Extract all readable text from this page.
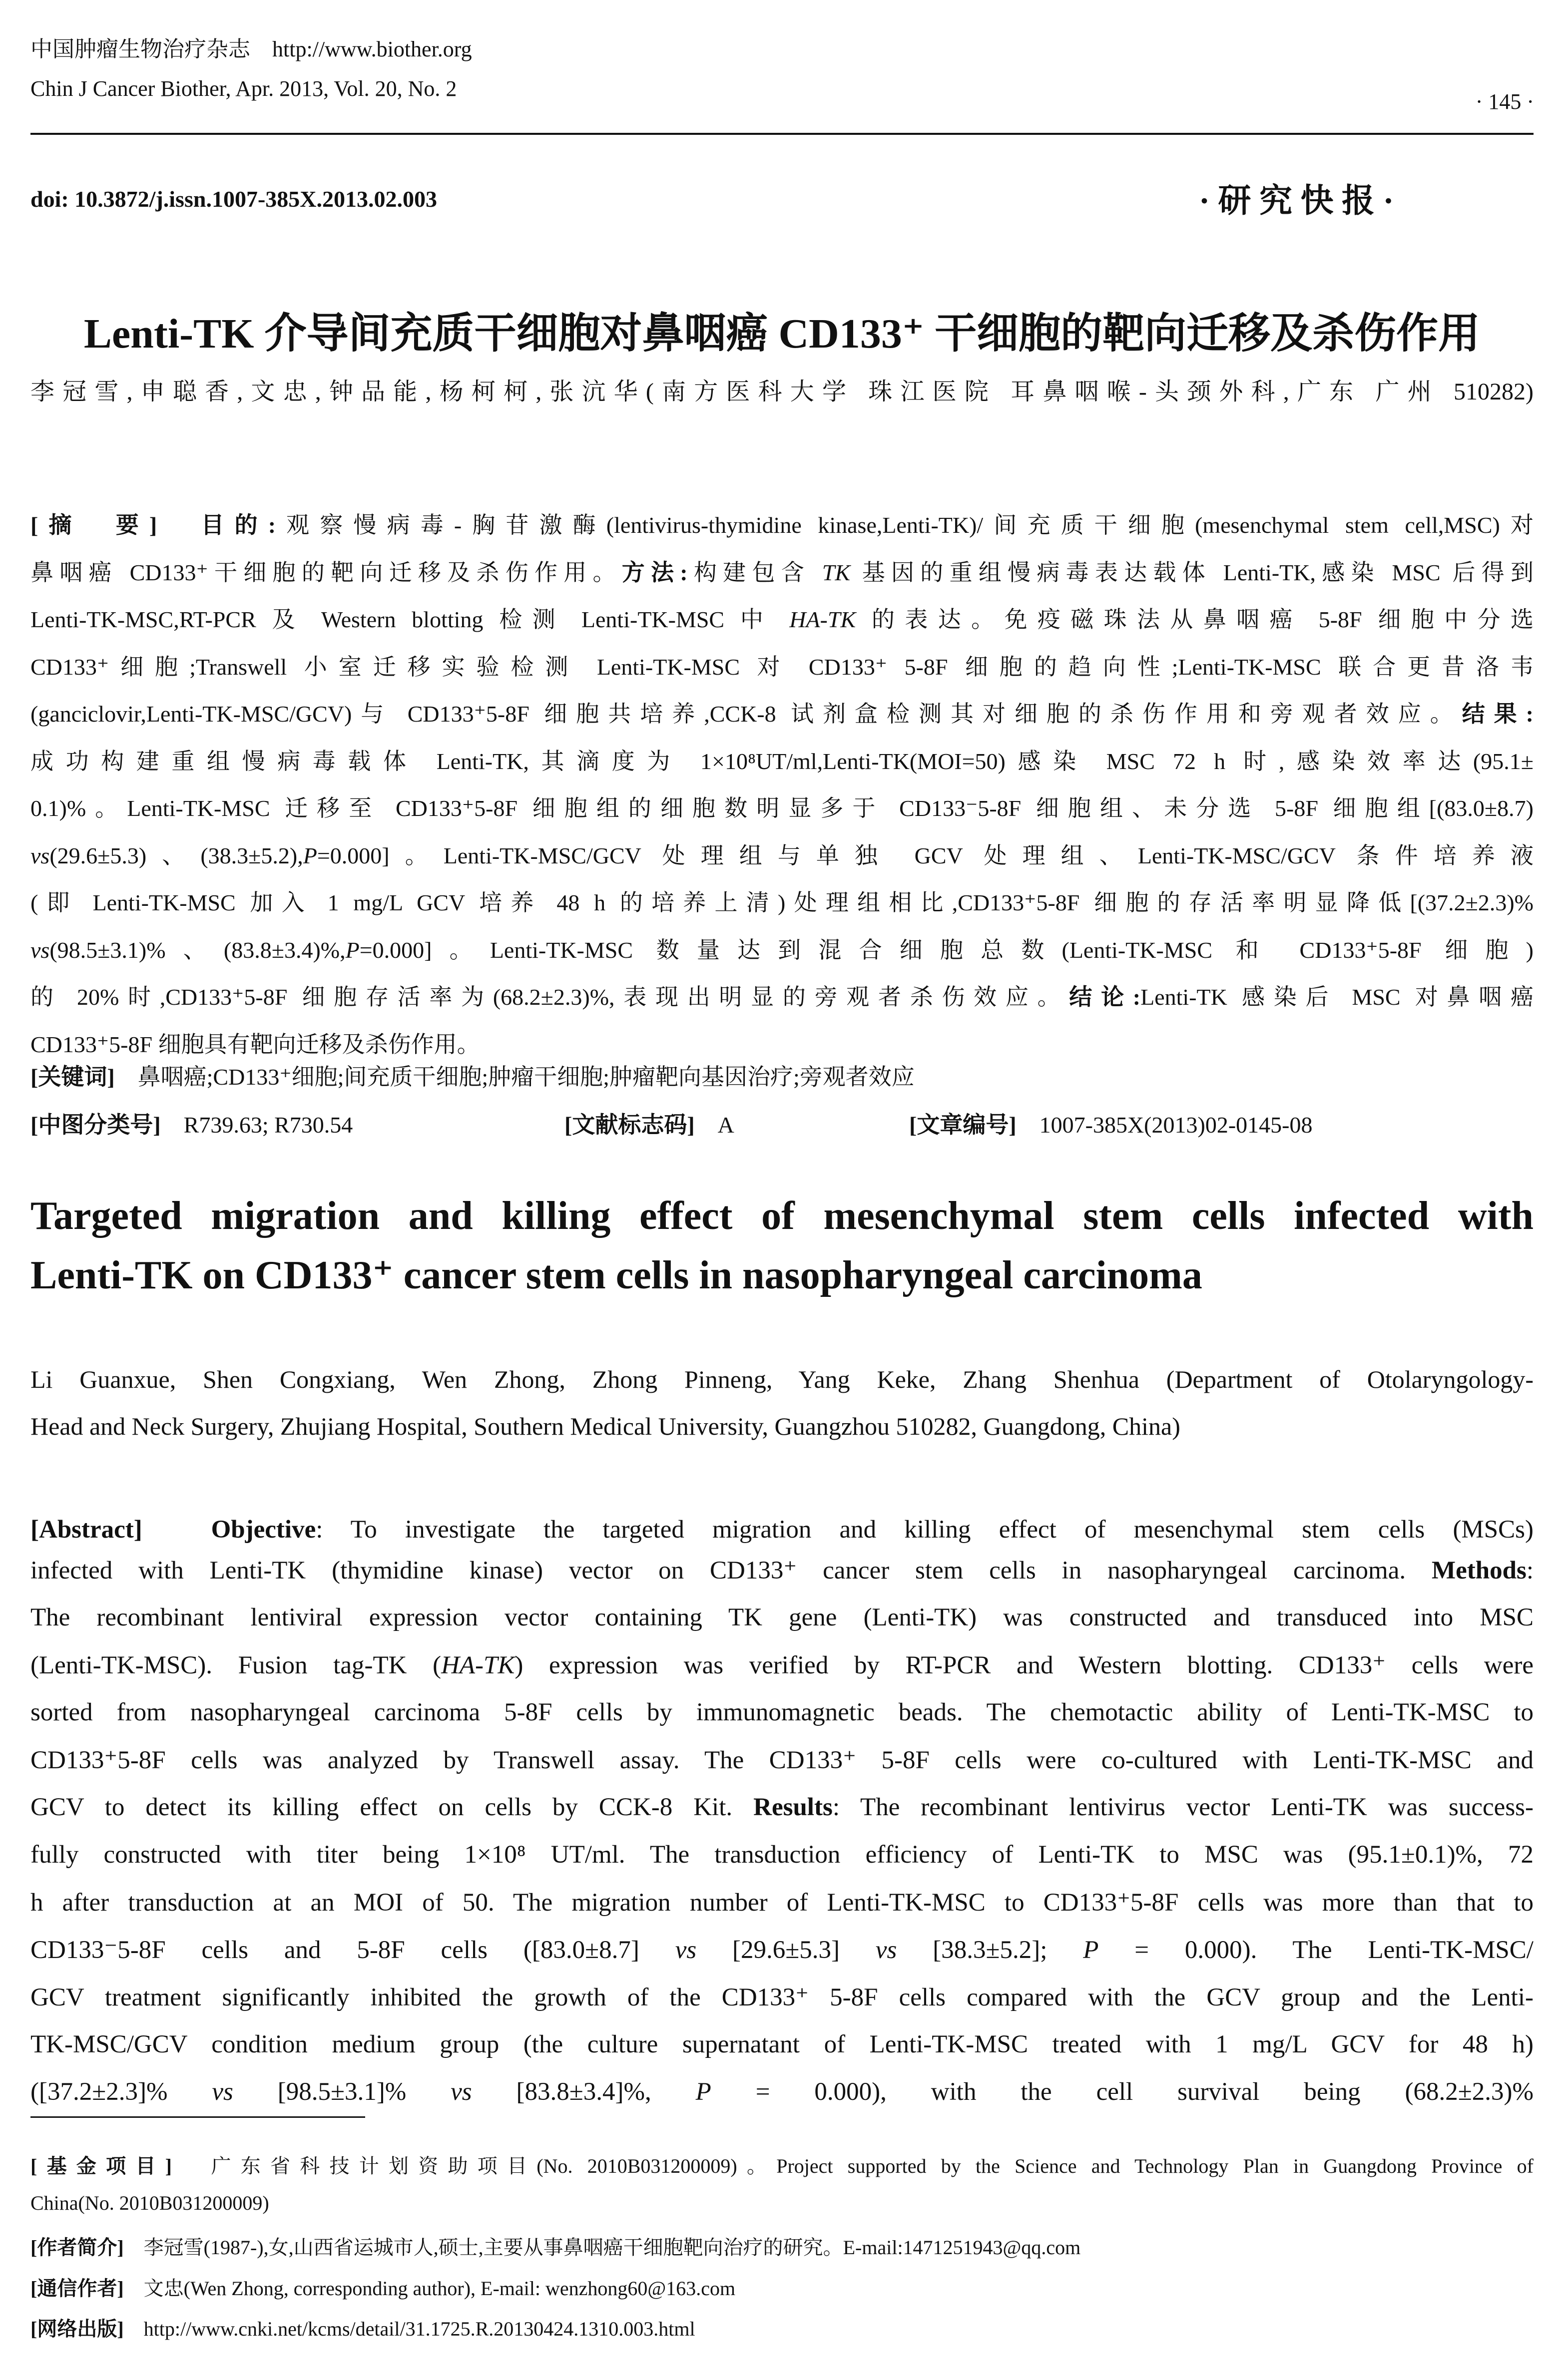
中国肿瘤生物治疗杂志　http://www.biother.org
Chin J Cancer Biother, Apr. 2013, Vol. 20, No. 2
· 145 ·
doi: 10.3872/j.issn.1007-385X.2013.02.003	· 研 究 快 报 ·
Lenti-TK 介导间充质干细胞对鼻咽癌 CD133⁺ 干细胞的靶向迁移及杀伤作用
李冠雪,申聪香,文忠,钟品能,杨柯柯,张沆华(南方医科大学 珠江医院 耳鼻咽喉-头颈外科,广东 广州 510282)
[摘　要]　目的:观察慢病毒-胸苷激酶(lentivirus-thymidine kinase,Lenti-TK)/间充质干细胞(mesenchymal stem cell,MSC)对
鼻咽癌 CD133⁺干细胞的靶向迁移及杀伤作用。方法:构建包含 TK 基因的重组慢病毒表达载体 Lenti-TK,感染 MSC 后得到
Lenti-TK-MSC,RT-PCR 及 Western blotting 检测 Lenti-TK-MSC 中 HA-TK 的表达。免疫磁珠法从鼻咽癌 5-8F 细胞中分选
CD133⁺细胞;Transwell 小室迁移实验检测 Lenti-TK-MSC 对 CD133⁺ 5-8F 细胞的趋向性;Lenti-TK-MSC 联合更昔洛韦
(ganciclovir,Lenti-TK-MSC/GCV)与 CD133⁺5-8F 细胞共培养,CCK-8 试剂盒检测其对细胞的杀伤作用和旁观者效应。结果:
成功构建重组慢病毒载体 Lenti-TK,其滴度为 1×10⁸UT/ml,Lenti-TK(MOI=50)感染 MSC 72 h 时,感染效率达(95.1±
0.1)%。Lenti-TK-MSC 迁移至 CD133⁺5-8F 细胞组的细胞数明显多于 CD133⁻5-8F 细胞组、未分选 5-8F 细胞组[(83.0±8.7)
vs(29.6±5.3)、(38.3±5.2),P=0.000]。Lenti-TK-MSC/GCV 处理组与单独 GCV 处理组、Lenti-TK-MSC/GCV 条件培养液
(即 Lenti-TK-MSC 加入 1 mg/L GCV 培养 48 h 的培养上清)处理组相比,CD133⁺5-8F 细胞的存活率明显降低[(37.2±2.3)%
vs(98.5±3.1)%、(83.8±3.4)%,P=0.000]。Lenti-TK-MSC 数量达到混合细胞总数(Lenti-TK-MSC 和 CD133⁺5-8F 细胞)
的 20%时,CD133⁺5-8F 细胞存活率为(68.2±2.3)%,表现出明显的旁观者杀伤效应。结论:Lenti-TK 感染后 MSC 对鼻咽癌
CD133⁺5-8F 细胞具有靶向迁移及杀伤作用。
[关键词]　 鼻咽癌;CD133⁺细胞;间充质干细胞;肿瘤干细胞;肿瘤靶向基因治疗;旁观者效应
[中图分类号]　 R739.63; R730.54	[文献标志码]　 A	[文章编号]　 1007-385X(2013)02-0145-08
Targeted migration and killing effect of mesenchymal stem cells infected with
Lenti-TK on CD133⁺ cancer stem cells in nasopharyngeal carcinoma
Li Guanxue, Shen Congxiang, Wen Zhong, Zhong Pinneng, Yang Keke, Zhang Shenhua (Department of Otolaryngology-
Head and Neck Surgery, Zhujiang Hospital, Southern Medical University, Guangzhou 510282, Guangdong, China)
[Abstract]　	Objective: To investigate the targeted migration and killing effect of mesenchymal stem cells (MSCs)
infected with Lenti-TK (thymidine kinase) vector on CD133⁺ cancer stem cells in nasopharyngeal carcinoma. Methods:
The recombinant lentiviral expression vector containing TK gene (Lenti-TK) was constructed and transduced into MSC
(Lenti-TK-MSC). Fusion tag-TK (HA-TK) expression was verified by RT-PCR and Western blotting. CD133⁺ cells were
sorted from nasopharyngeal carcinoma 5-8F cells by immunomagnetic beads. The chemotactic ability of Lenti-TK-MSC to
CD133⁺5-8F cells was analyzed by Transwell assay. The CD133⁺ 5-8F cells were co-cultured with Lenti-TK-MSC and
GCV to detect its killing effect on cells by CCK-8 Kit. Results: The recombinant lentivirus vector Lenti-TK was success-
fully constructed with titer being 1×10⁸ UT/ml. The transduction efficiency of Lenti-TK to MSC was (95.1±0.1)%, 72
h after transduction at an MOI of 50. The migration number of Lenti-TK-MSC to CD133⁺5-8F cells was more than that to
CD133⁻5-8F cells and 5-8F cells ([83.0±8.7] vs [29.6±5.3] vs [38.3±5.2]; P = 0.000). The Lenti-TK-MSC/
GCV treatment significantly inhibited the growth of the CD133⁺ 5-8F cells compared with the GCV group and the Lenti-
TK-MSC/GCV condition medium group (the culture supernatant of Lenti-TK-MSC treated with 1 mg/L GCV for 48 h)
([37.2±2.3]% vs [98.5±3.1]% vs [83.8±3.4]%, P = 0.000), with the cell survival being (68.2±2.3)%
[基金项目]　广东省科技计划资助项目(No. 2010B031200009)。Project supported by the Science and Technology Plan in Guangdong Province of
China(No. 2010B031200009)
[作者简介]　李冠雪(1987-),女,山西省运城市人,硕士,主要从事鼻咽癌干细胞靶向治疗的研究。E-mail:1471251943@qq.com
[通信作者]　文忠(Wen Zhong, corresponding author), E-mail: wenzhong60@163.com
[网络出版]　http://www.cnki.net/kcms/detail/31.1725.R.20130424.1310.003.html
